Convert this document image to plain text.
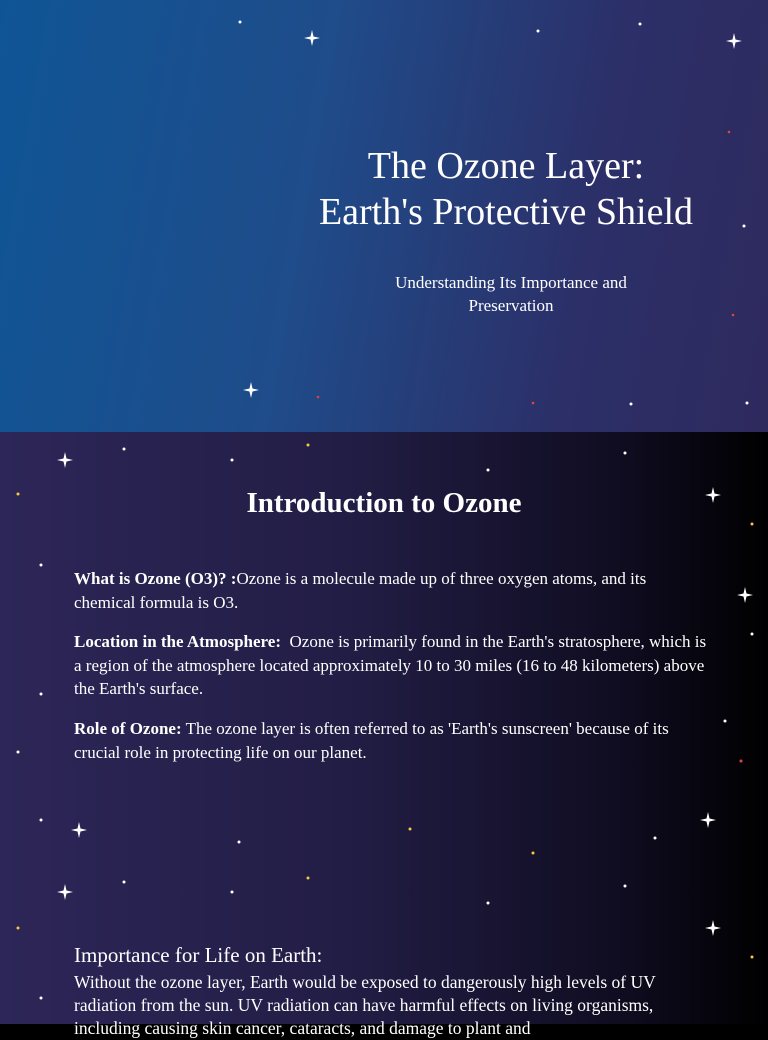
The Ozone Layer:
Earth's Protective Shield
Understanding Its Importance and Preservation
Introduction to Ozone

What is Ozone (O3)? :Ozone is a molecule made up of three oxygen atoms, and its chemical formula is O3.

Location in the Atmosphere: Ozone is primarily found in the Earth's stratosphere, which is a region of the atmosphere located approximately 10 to 30 miles (16 to 48 kilometers) above the Earth's surface.

Role of Ozone: The ozone layer is often referred to as 'Earth's sunscreen' because of its crucial role in protecting life on our planet.

Importance for Life on Earth:

Without the ozone layer, Earth would be exposed to dangerously high levels of UV radiation from the sun. UV radiation can have harmful effects on living organisms, including causing skin cancer, cataracts, and damage to plant and
